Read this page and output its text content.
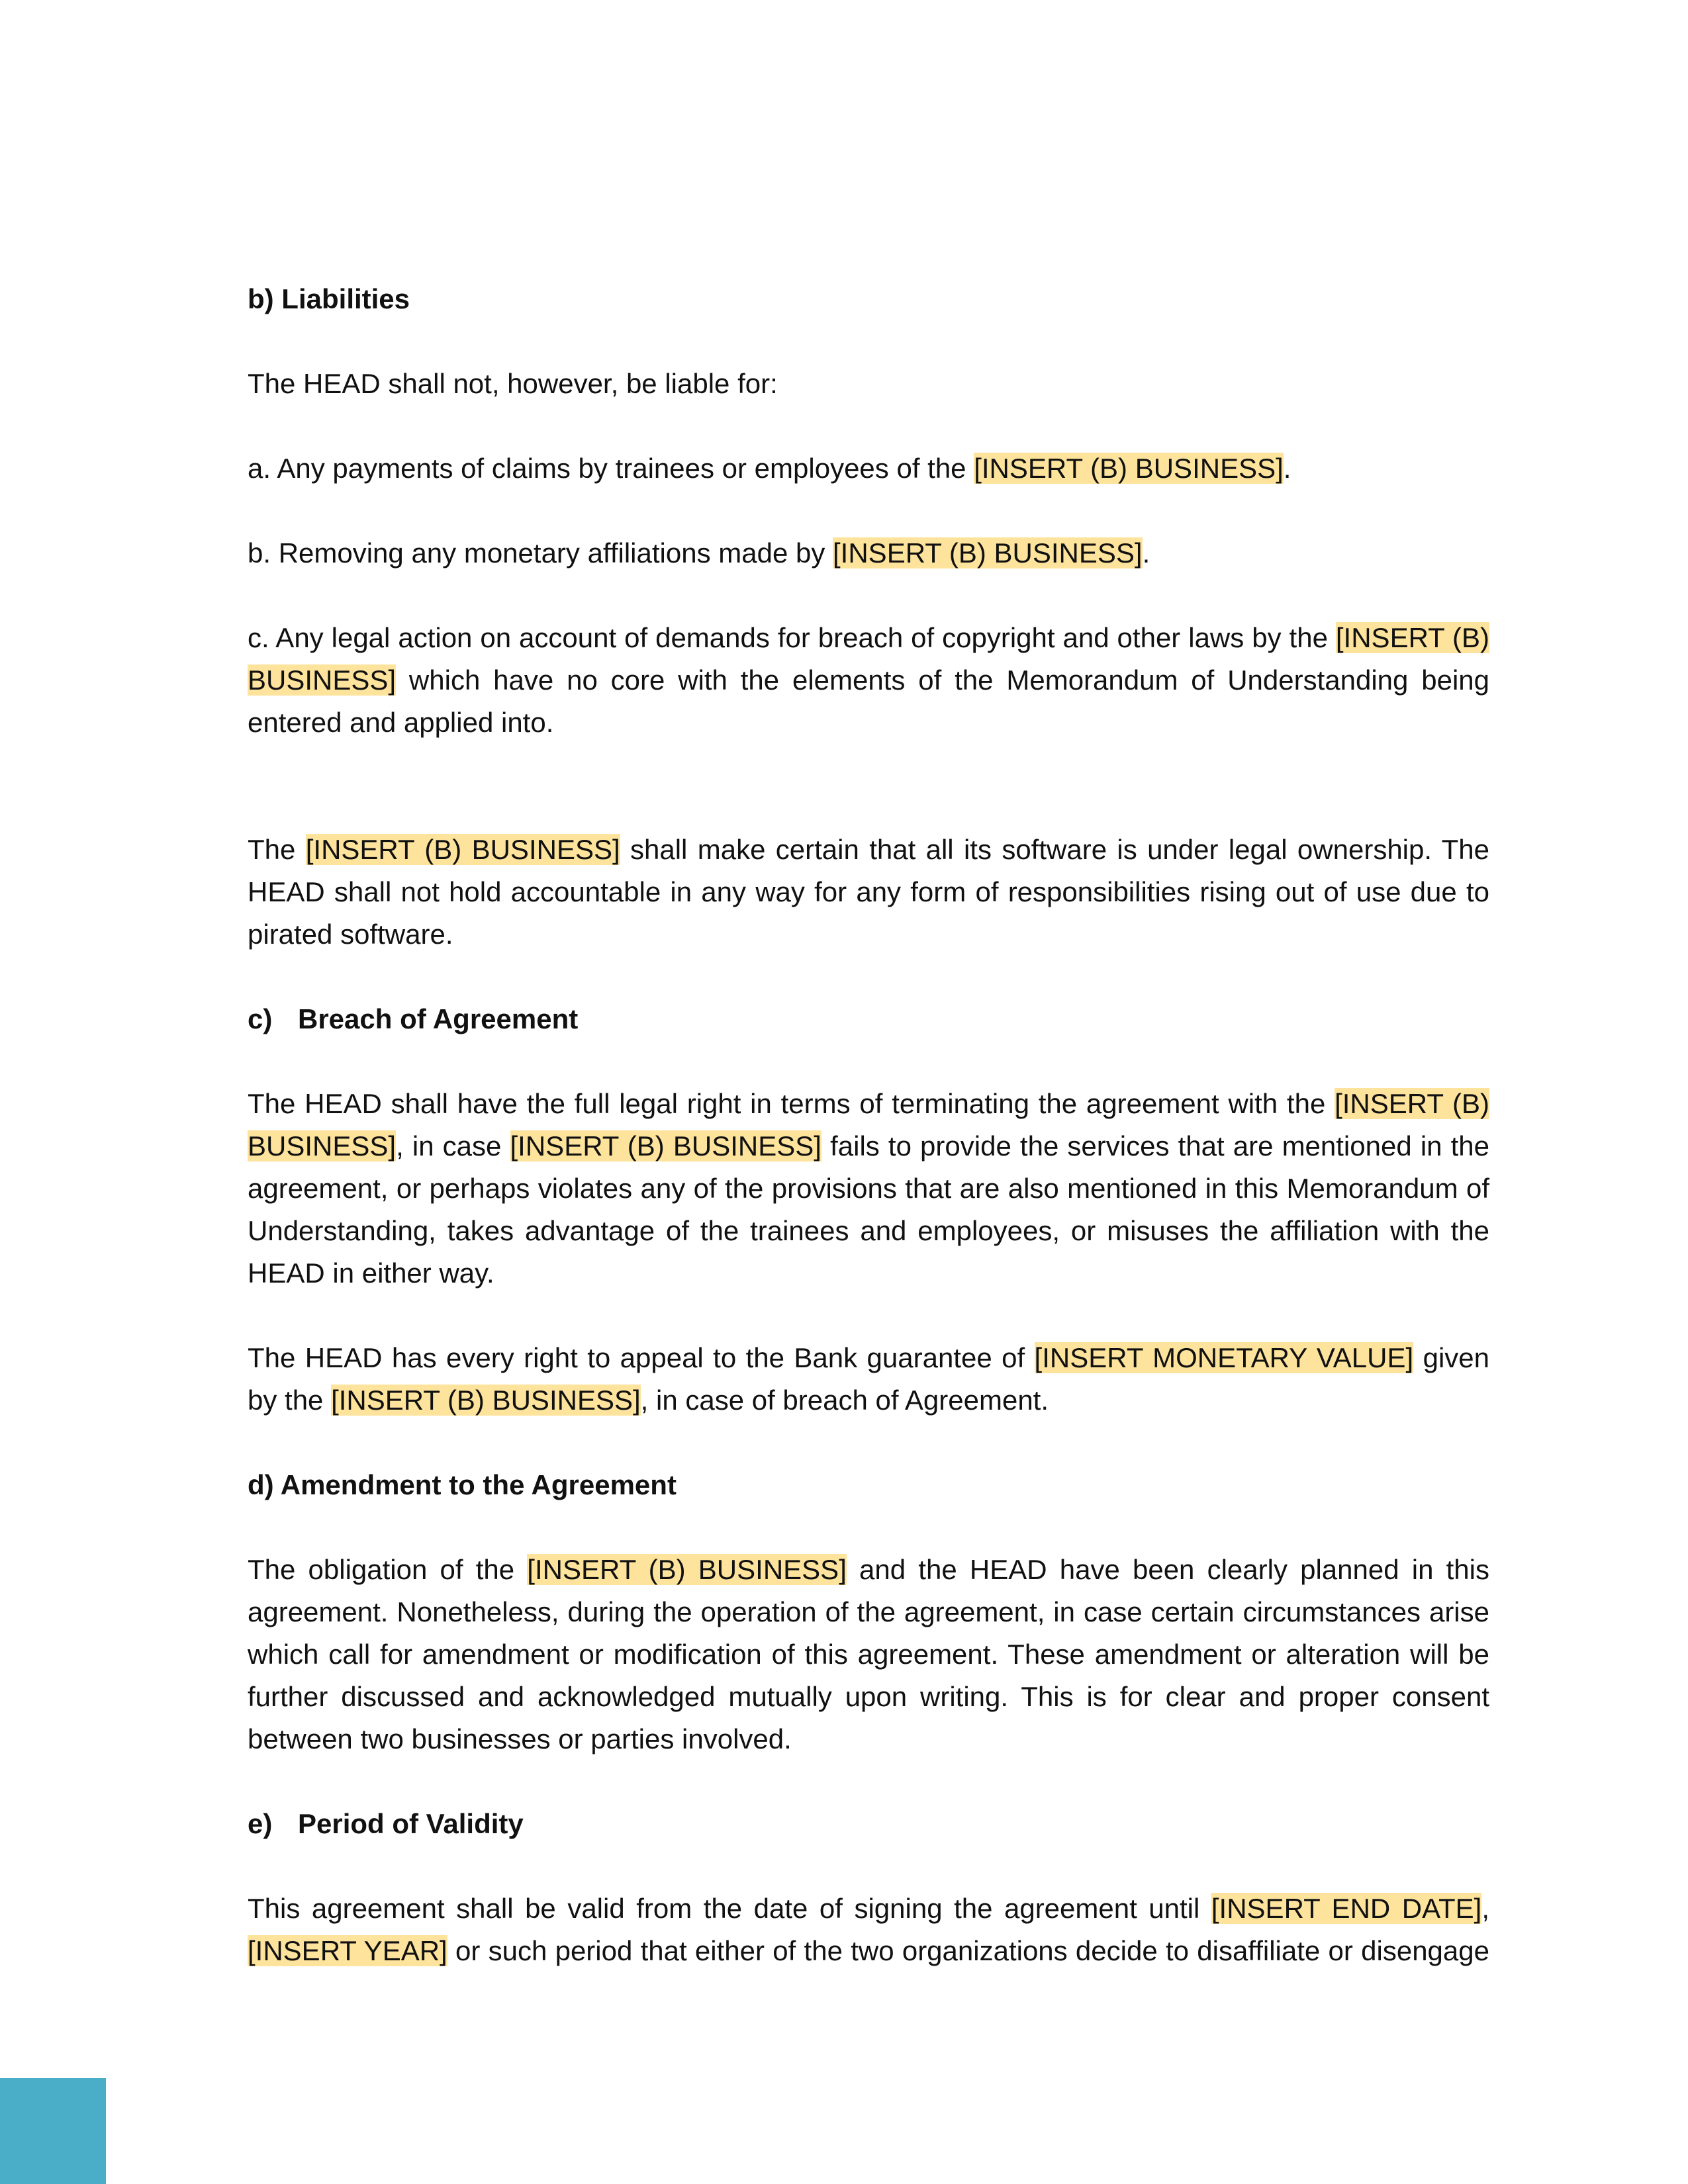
b) Liabilities

The HEAD shall not, however, be liable for:

a. Any payments of claims by trainees or employees of the [INSERT (B) BUSINESS].

b. Removing any monetary affiliations made by [INSERT (B) BUSINESS].

c. Any legal action on account of demands for breach of copyright and other laws by the [INSERT (B) BUSINESS] which have no core with the elements of the Memorandum of Understanding being entered and applied into.

The [INSERT (B) BUSINESS] shall make certain that all its software is under legal ownership. The HEAD shall not hold accountable in any way for any form of responsibilities rising out of use due to pirated software.

c) Breach of Agreement

The HEAD shall have the full legal right in terms of terminating the agreement with the [INSERT (B) BUSINESS], in case [INSERT (B) BUSINESS] fails to provide the services that are mentioned in the agreement, or perhaps violates any of the provisions that are also mentioned in this Memorandum of Understanding, takes advantage of the trainees and employees, or misuses the affiliation with the HEAD in either way.

The HEAD has every right to appeal to the Bank guarantee of [INSERT MONETARY VALUE] given by the [INSERT (B) BUSINESS], in case of breach of Agreement.

d) Amendment to the Agreement

The obligation of the [INSERT (B) BUSINESS] and the HEAD have been clearly planned in this agreement. Nonetheless, during the operation of the agreement, in case certain circumstances arise which call for amendment or modification of this agreement. These amendment or alteration will be further discussed and acknowledged mutually upon writing. This is for clear and proper consent between two businesses or parties involved.

e) Period of Validity

This agreement shall be valid from the date of signing the agreement until [INSERT END DATE], [INSERT YEAR] or such period that either of the two organizations decide to disaffiliate or disengage
